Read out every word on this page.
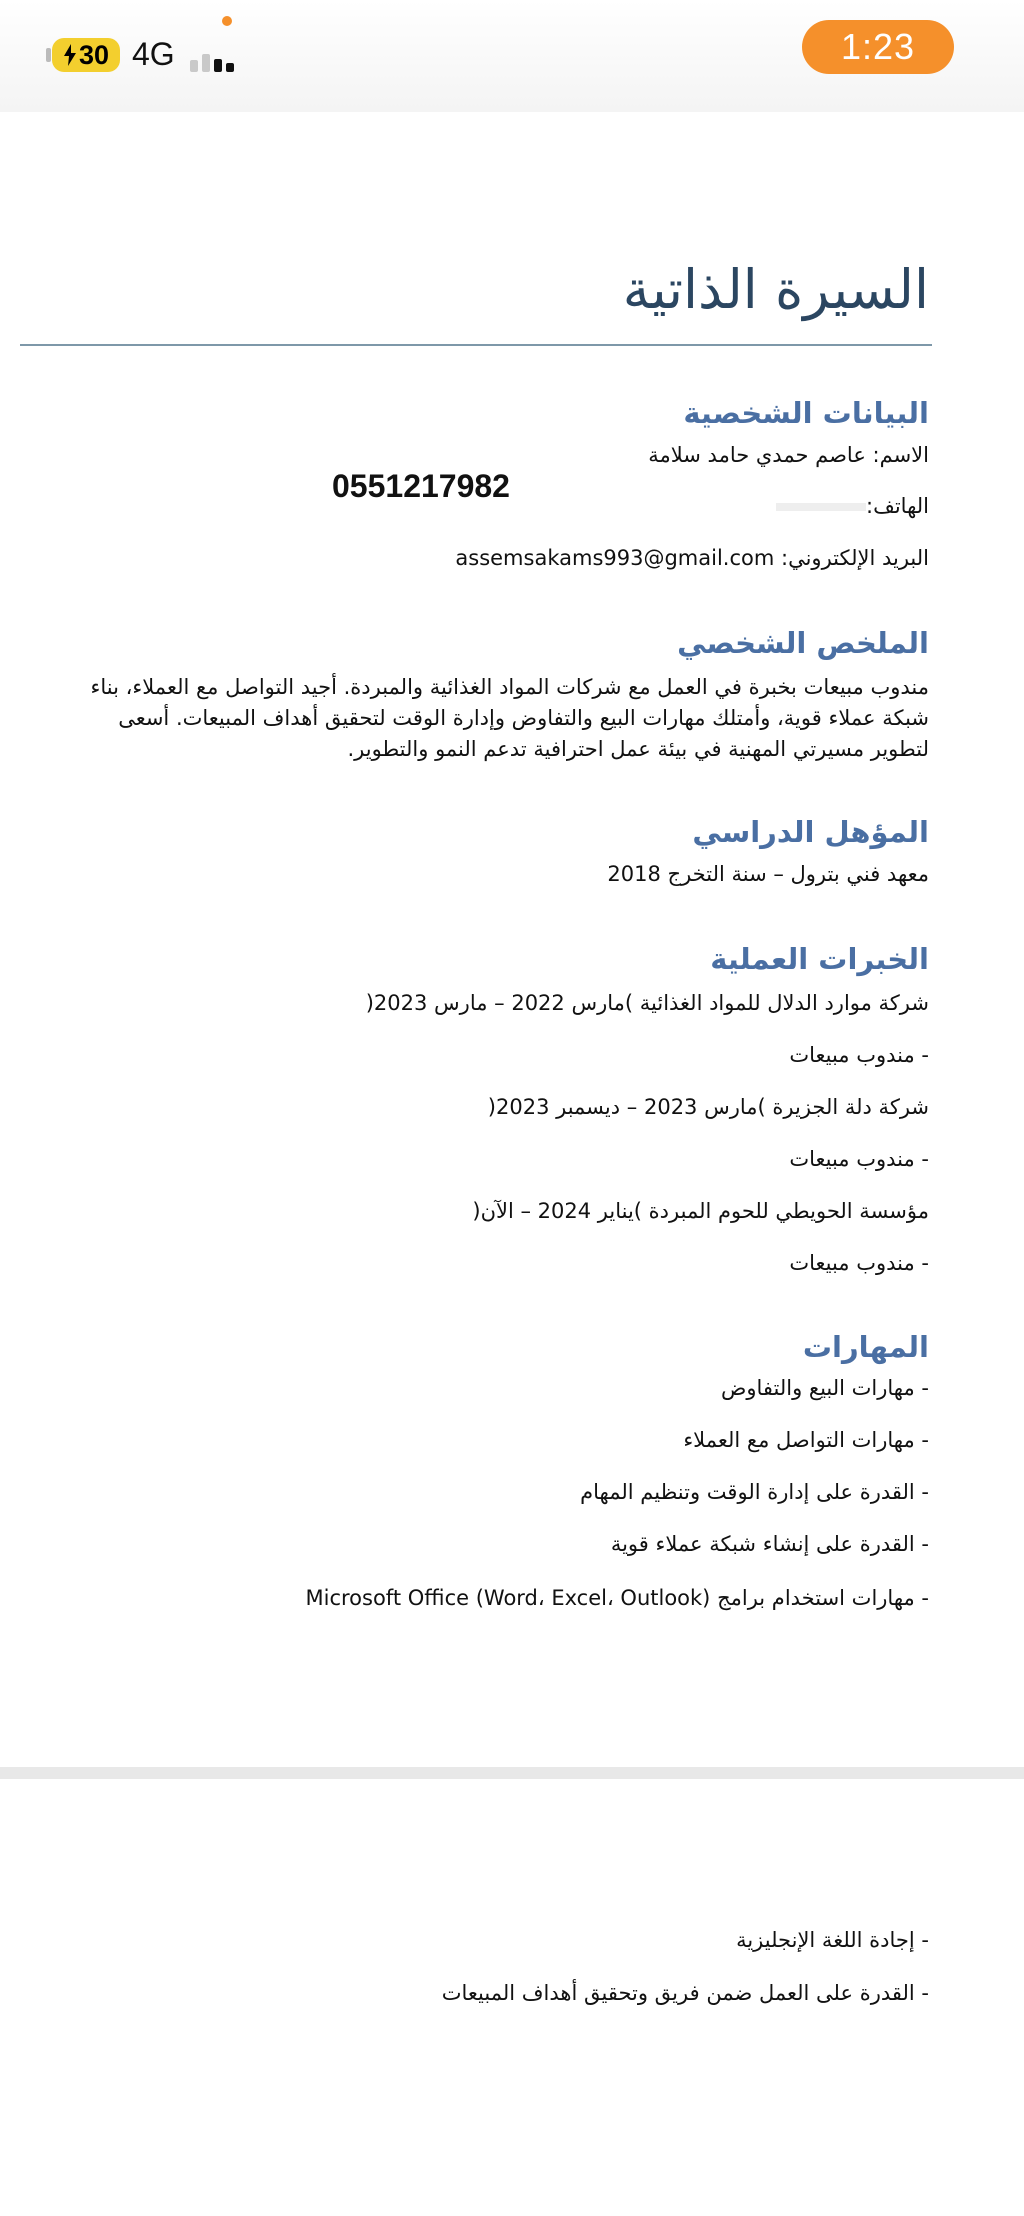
30 4G	1:23
السيرة الذاتية
البيانات الشخصية
الاسم: عاصم حمدي حامد سلامة
0551217982
الهاتف:
البريد الإلكتروني: assemsakams993@gmail.com
الملخص الشخصي
مندوب مبيعات بخبرة في العمل مع شركات المواد الغذائية والمبردة. أجيد التواصل مع العملاء، بناء شبكة عملاء قوية، وأمتلك مهارات البيع والتفاوض وإدارة الوقت لتحقيق أهداف المبيعات. أسعى لتطوير مسيرتي المهنية في بيئة عمل احترافية تدعم النمو والتطوير.
المؤهل الدراسي
معهد فني بترول – سنة التخرج 2018
الخبرات العملية
شركة موارد الدلال للمواد الغذائية )مارس 2022 – مارس 2023(
- مندوب مبيعات
شركة دلة الجزيرة )مارس 2023 – ديسمبر 2023(
- مندوب مبيعات
مؤسسة الحويطي للحوم المبردة )يناير 2024 – الآن(
- مندوب مبيعات
المهارات
- مهارات البيع والتفاوض
- مهارات التواصل مع العملاء
- القدرة على إدارة الوقت وتنظيم المهام
- القدرة على إنشاء شبكة عملاء قوية
- مهارات استخدام برامج Microsoft Office (Word، Excel، Outlook)
- إجادة اللغة الإنجليزية
- القدرة على العمل ضمن فريق وتحقيق أهداف المبيعات
